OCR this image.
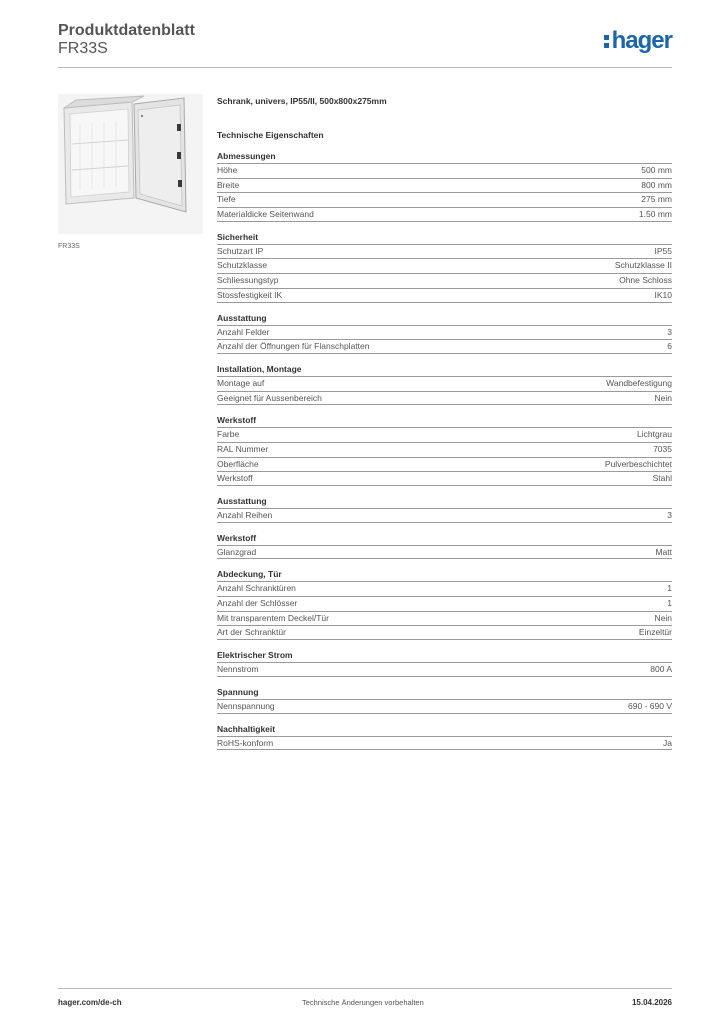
Produktdatenblatt
FR33S	hager
FR33S
Schrank, univers, IP55/II, 500x800x275mm
Technische Eigenschaften
Abmessungen
Höhe	500 mm
Breite	800 mm
Tiefe	275 mm
Materialdicke Seitenwand	1.50 mm
Sicherheit
Schutzart IP	IP55
Schutzklasse	Schutzklasse II
Schliessungstyp	Ohne Schloss
Stossfestigkeit IK	IK10
Ausstattung
Anzahl Felder	3
Anzahl der Öffnungen für Flanschplatten	6
Installation, Montage
Montage auf	Wandbefestigung
Geeignet für Aussenbereich	Nein
Werkstoff
Farbe	Lichtgrau
RAL Nummer	7035
Oberfläche	Pulverbeschichtet
Werkstoff	Stahl
Ausstattung
Anzahl Reihen	3
Werkstoff
Glanzgrad	Matt
Abdeckung, Tür
Anzahl Schranktüren	1
Anzahl der Schlösser	1
Mit transparentem Deckel/Tür	Nein
Art der Schranktür	Einzeltür
Elektrischer Strom
Nennstrom	800 A
Spannung
Nennspannung	690 - 690 V
Nachhaltigkeit
RoHS-konform	Ja
hager.com/de-ch	Technische Änderungen vorbehalten	15.04.2026
